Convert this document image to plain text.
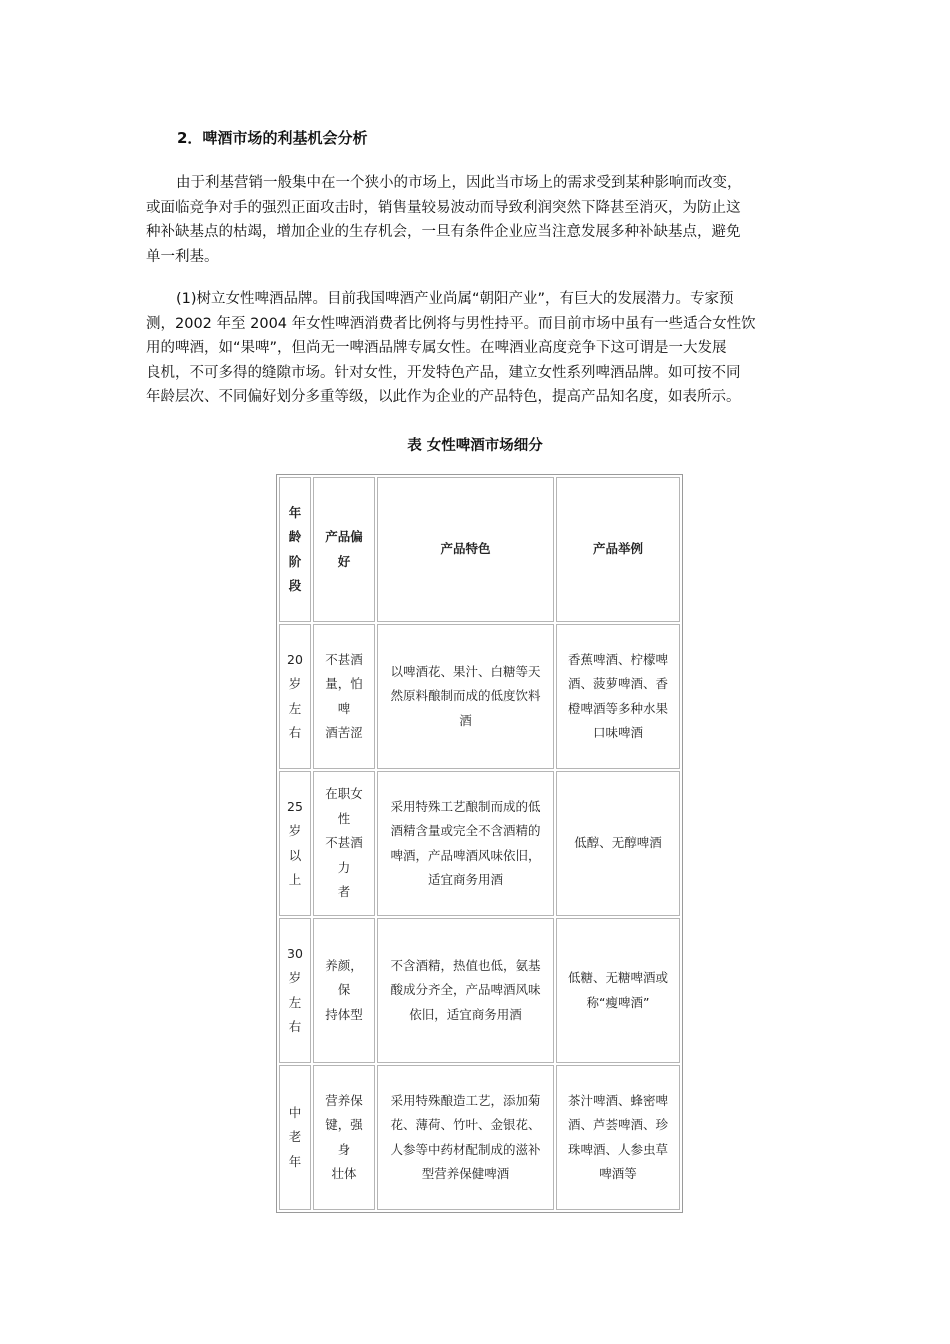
2．啤酒市场的利基机会分析

由于利基营销一般集中在一个狭小的市场上，因此当市场上的需求受到某种影响而改变，
或面临竞争对手的强烈正面攻击时，销售量较易波动而导致利润突然下降甚至消灭，为防止这
种补缺基点的枯竭，增加企业的生存机会，一旦有条件企业应当注意发展多种补缺基点，避免
单一利基。

(1)树立女性啤酒品牌。目前我国啤酒产业尚属“朝阳产业”，有巨大的发展潜力。专家预
测，2002 年至 2004 年女性啤酒消费者比例将与男性持平。而目前市场中虽有一些适合女性饮
用的啤酒，如“果啤”，但尚无一啤酒品牌专属女性。在啤酒业高度竞争下这可谓是一大发展
良机，不可多得的缝隙市场。针对女性，开发特色产品，建立女性系列啤酒品牌。如可按不同
年龄层次、不同偏好划分多重等级，以此作为企业的产品特色，提高产品知名度，如表所示。

表 女性啤酒市场细分
年
龄
阶
段	产品偏好	产品特色	产品举例

20
岁
左
右	不甚酒
量，怕啤
酒苦涩	以啤酒花、果汁、白糖等天
然原料酿制而成的低度饮料
酒	香蕉啤酒、柠檬啤
酒、菠萝啤酒、香
橙啤酒等多种水果
口味啤酒

25
岁
以
上	在职女性
不甚酒力
者	采用特殊工艺酿制而成的低
酒精含量或完全不含酒精的
啤酒，产品啤酒风味依旧，
适宜商务用酒	低醇、无醇啤酒

30
岁
左
右	养颜，保
持体型	不含酒精，热值也低，氨基
酸成分齐全，产品啤酒风味
依旧，适宜商务用酒	低糖、无糖啤酒或
称“瘦啤酒”

中
老
年	营养保
键，强身
壮体	采用特殊酿造工艺，添加菊
花、薄荷、竹叶、金银花、
人参等中药材配制成的滋补
型营养保健啤酒	茶汁啤酒、蜂密啤
酒、芦荟啤酒、珍
珠啤酒、人参虫草
啤酒等
